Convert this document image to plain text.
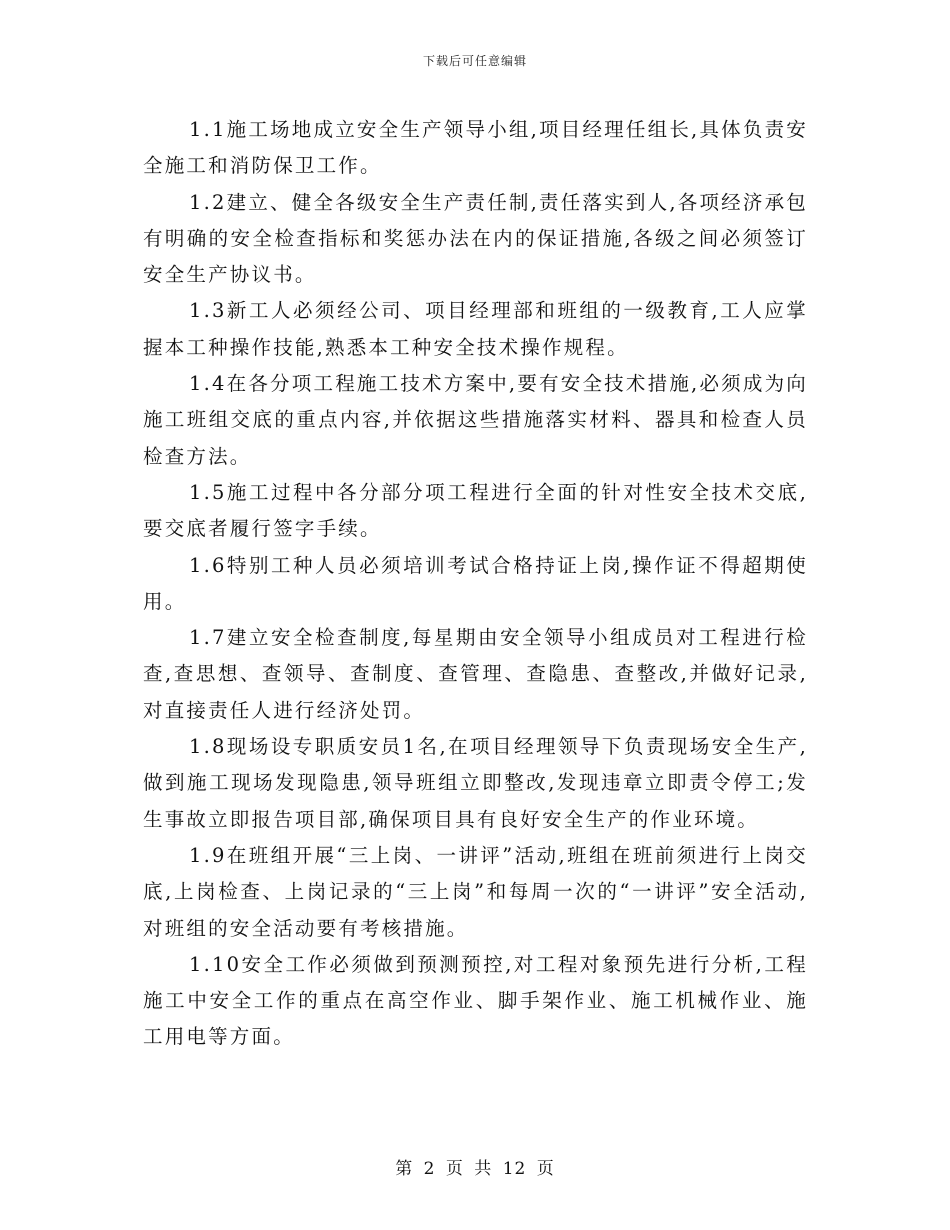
下载后可任意编辑

1.1施工场地成立安全生产领导小组,项目经理任组长,具体负责安全施工和消防保卫工作。

1.2建立、健全各级安全生产责任制,责任落实到人,各项经济承包有明确的安全检查指标和奖惩办法在内的保证措施,各级之间必须签订安全生产协议书。

1.3新工人必须经公司、项目经理部和班组的一级教育,工人应掌握本工种操作技能,熟悉本工种安全技术操作规程。

1.4在各分项工程施工技术方案中,要有安全技术措施,必须成为向施工班组交底的重点内容,并依据这些措施落实材料、器具和检查人员检查方法。

1.5施工过程中各分部分项工程进行全面的针对性安全技术交底,要交底者履行签字手续。

1.6特别工种人员必须培训考试合格持证上岗,操作证不得超期使用。

1.7建立安全检查制度,每星期由安全领导小组成员对工程进行检查,查思想、查领导、查制度、查管理、查隐患、查整改,并做好记录,对直接责任人进行经济处罚。

1.8现场设专职质安员1名,在项目经理领导下负责现场安全生产,做到施工现场发现隐患,领导班组立即整改,发现违章立即责令停工;发生事故立即报告项目部,确保项目具有良好安全生产的作业环境。

1.9在班组开展“三上岗、一讲评”活动,班组在班前须进行上岗交底,上岗检查、上岗记录的“三上岗”和每周一次的“一讲评”安全活动,对班组的安全活动要有考核措施。

1.10安全工作必须做到预测预控,对工程对象预先进行分析,工程施工中安全工作的重点在高空作业、脚手架作业、施工机械作业、施工用电等方面。

第 2 页 共 12 页
